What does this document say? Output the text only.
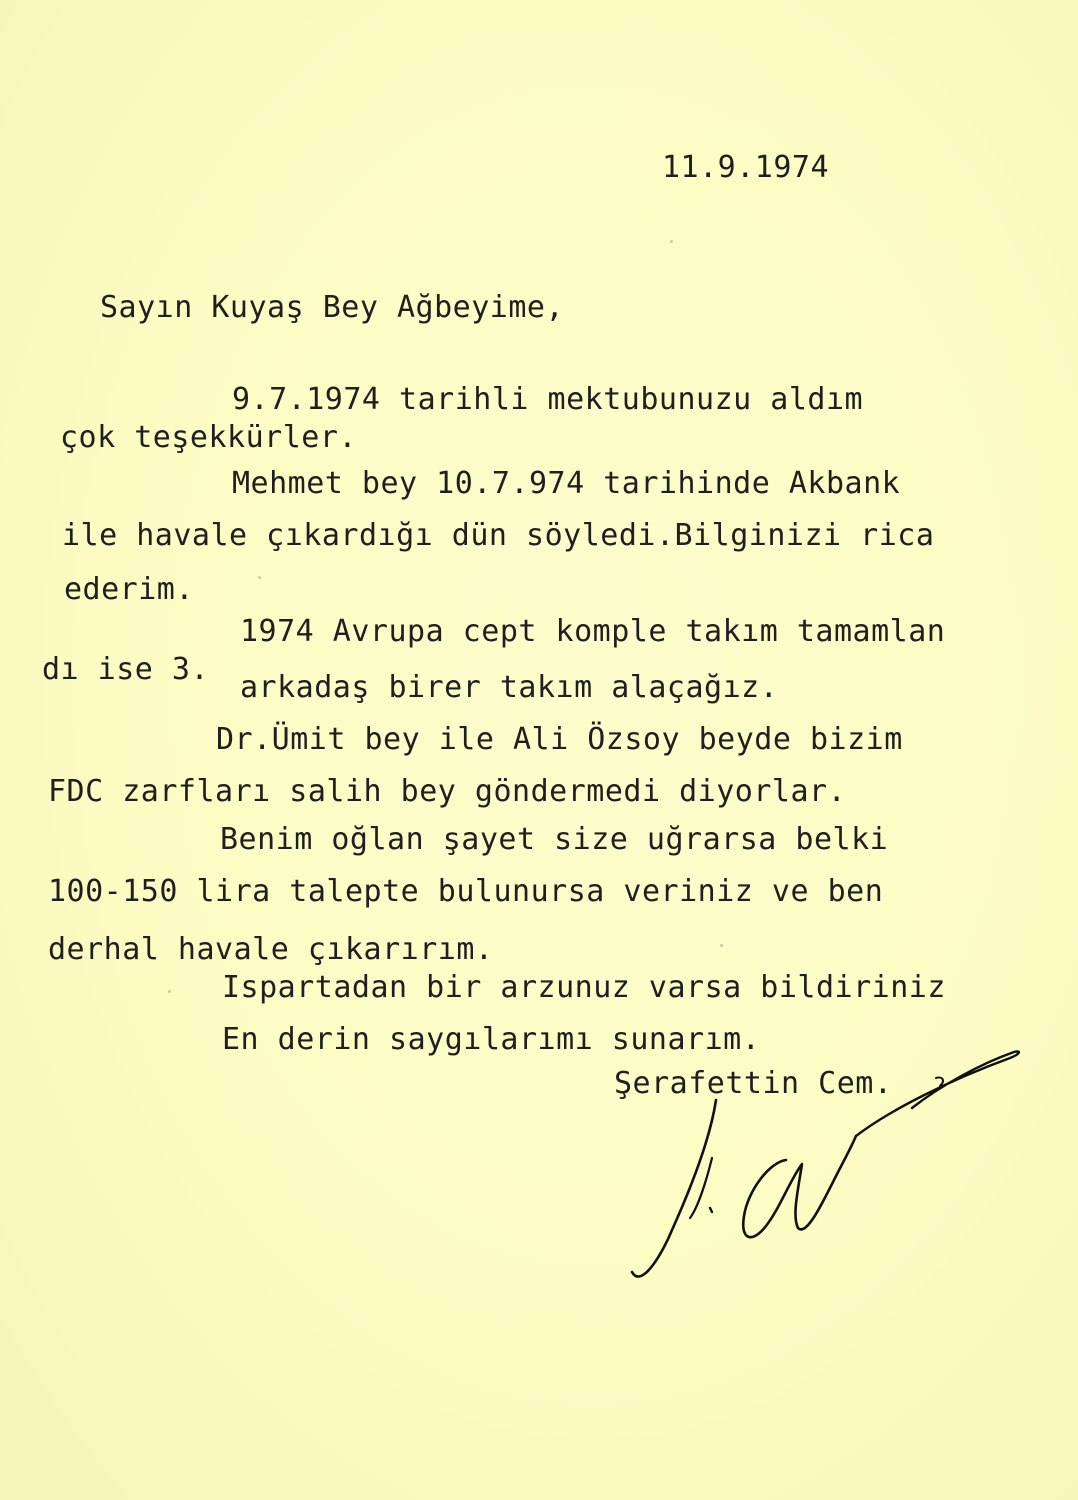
11.9.1974
Sayın Kuyaş Bey Ağbeyime,
9.7.1974 tarihli mektubunuzu aldım
çok teşekkürler.
Mehmet bey 10.7.974 tarihinde Akbank
ile havale çıkardığı dün söyledi.Bilginizi rica
ederim.
1974 Avrupa cept komple takım tamamlan
dı ise 3.
arkadaş birer takım alaçağız.
Dr.Ümit bey ile Ali Özsoy beyde bizim
FDC zarfları salih bey göndermedi diyorlar.
Benim oğlan şayet size uğrarsa belki
100-150 lira talepte bulunursa veriniz ve ben
derhal havale çıkarırım.
Ispartadan bir arzunuz varsa bildiriniz
En derin saygılarımı sunarım.
Şerafettin Cem.
